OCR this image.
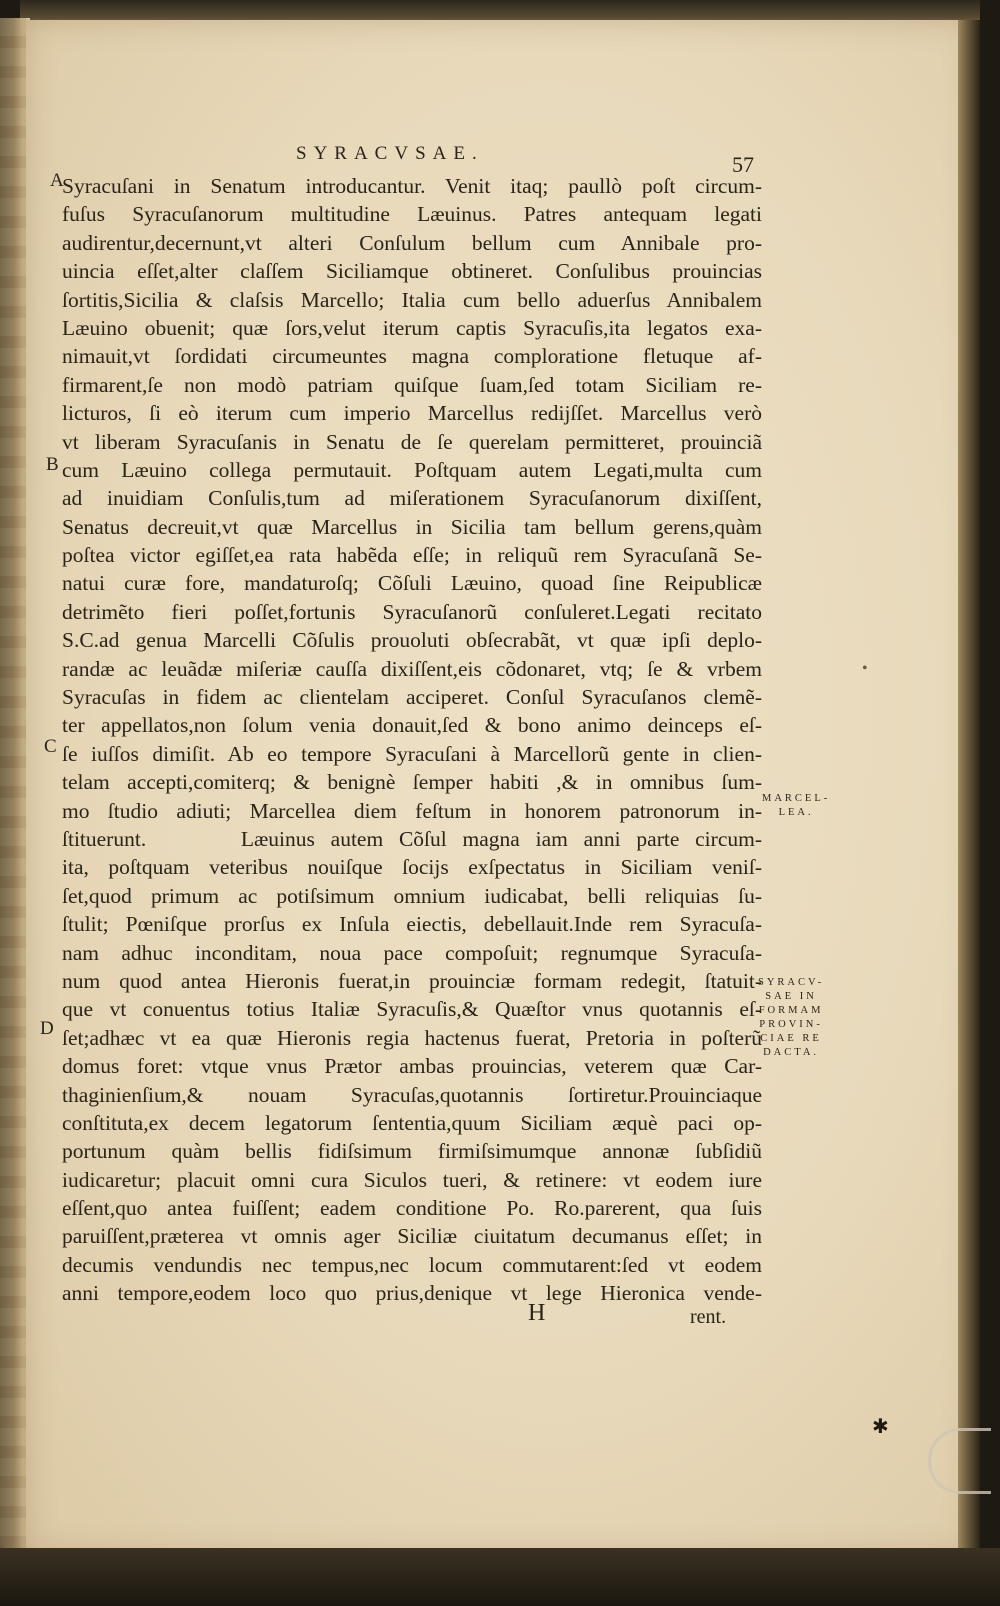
SYRACVSAE.	57
A
B
C
D
Syracuſani in Senatum introducantur. Venit itaq; paullò poſt circum-
fuſus Syracuſanorum multitudine Læuinus. Patres antequam legati
audirentur,decernunt,vt alteri Conſulum bellum cum Annibale pro-
uincia eſſet,alter claſſem Siciliamque obtineret. Conſulibus prouincias
ſortitis,Sicilia & claſsis Marcello; Italia cum bello aduerſus Annibalem
Læuino obuenit; quæ ſors,velut iterum captis Syracuſis,ita legatos exa-
nimauit,vt ſordidati circumeuntes magna comploratione fletuque af-
firmarent,ſe non modò patriam quiſque ſuam,ſed totam Siciliam re-
licturos, ſi eò iterum cum imperio Marcellus redijſſet. Marcellus verò
vt liberam Syracuſanis in Senatu de ſe querelam permitteret, prouinciã
cum Læuino collega permutauit. Poſtquam autem Legati,multa cum
ad inuidiam Conſulis,tum ad miſerationem Syracuſanorum dixiſſent,
Senatus decreuit,vt quæ Marcellus in Sicilia tam bellum gerens,quàm
poſtea victor egiſſet,ea rata habẽda eſſe; in reliquũ rem Syracuſanã Se-
natui curæ fore, mandaturoſq; Cõſuli Læuino, quoad ſine Reipublicæ
detrimẽto fieri poſſet,fortunis Syracuſanorũ conſuleret.Legati recitato
S.C.ad genua Marcelli Cõſulis prouoluti obſecrabãt, vt quæ ipſi deplo-
randæ ac leuãdæ miſeriæ cauſſa dixiſſent,eis cõdonaret, vtq; ſe & vrbem
Syracuſas in fidem ac clientelam acciperet. Conſul Syracuſanos clemẽ-
ter appellatos,non ſolum venia donauit,ſed & bono animo deinceps eſ-
ſe iuſſos dimiſit. Ab eo tempore Syracuſani à Marcellorũ gente in clien-
telam accepti,comiterq; & benignè ſemper habiti ,& in omnibus ſum-
mo ſtudio adiuti; Marcellea diem feſtum in honorem patronorum in-
ſtituerunt.      Læuinus autem Cõſul magna iam anni parte circum-
ita, poſtquam veteribus nouiſque ſocijs exſpectatus in Siciliam veniſ-
ſet,quod primum ac potiſsimum omnium iudicabat, belli reliquias ſu-
ſtulit; Pœniſque prorſus ex Inſula eiectis, debellauit.Inde rem Syracuſa-
nam adhuc inconditam, noua pace compoſuit; regnumque Syracuſa-
num quod antea Hieronis fuerat,in prouinciæ formam redegit, ſtatuit-
que vt conuentus totius Italiæ Syracuſis,& Quæſtor vnus quotannis eſ-
ſet;adhæc vt ea quæ Hieronis regia hactenus fuerat, Pretoria in poſterũ
domus foret: vtque vnus Prætor ambas prouincias, veterem quæ Car-
thaginienſium,& nouam Syracuſas,quotannis ſortiretur.Prouinciaque
conſtituta,ex decem legatorum ſententia,quum Siciliam æquè paci op-
portunum quàm bellis fidiſsimum firmiſsimumque annonæ ſubſidiũ
iudicaretur; placuit omni cura Siculos tueri, & retinere: vt eodem iure
eſſent,quo antea fuiſſent; eadem conditione Po. Ro.parerent, qua ſuis
paruiſſent,præterea vt omnis ager Siciliæ ciuitatum decumanus eſſet; in
decumis vendundis nec tempus,nec locum commutarent:ſed vt eodem
anni tempore,eodem loco quo prius,denique vt lege Hieronica vende-
MARCEL-
LEA.
SYRACV-
SAE IN
FORMAM
PROVIN-
CIAE RE
DACTA.
•
H	rent.
✱
